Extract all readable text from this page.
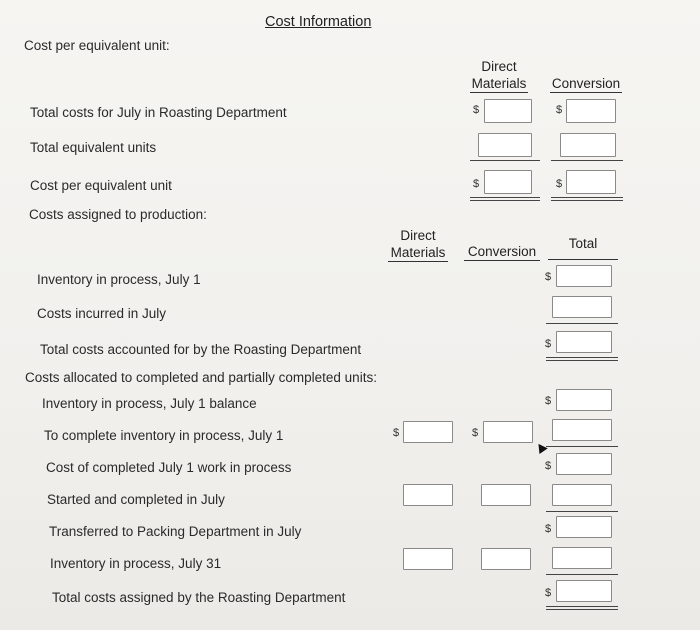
Cost Information
Cost per equivalent unit:
Direct
Materials Conversion
Total costs for July in Roasting Department
Total equivalent units
Cost per equivalent unit
$
$
$
$
Costs assigned to production:
Direct
Materials Conversion
Total
Inventory in process, July 1
Costs incurred in July
Total costs accounted for by the Roasting Department
Costs allocated to completed and partially completed units:
Inventory in process, July 1 balance
To complete inventory in process, July 1
Cost of completed July 1 work in process
Started and completed in July
Transferred to Packing Department in July
Inventory in process, July 31
Total costs assigned by the Roasting Department
$
$
$
$
$
$
$	$
